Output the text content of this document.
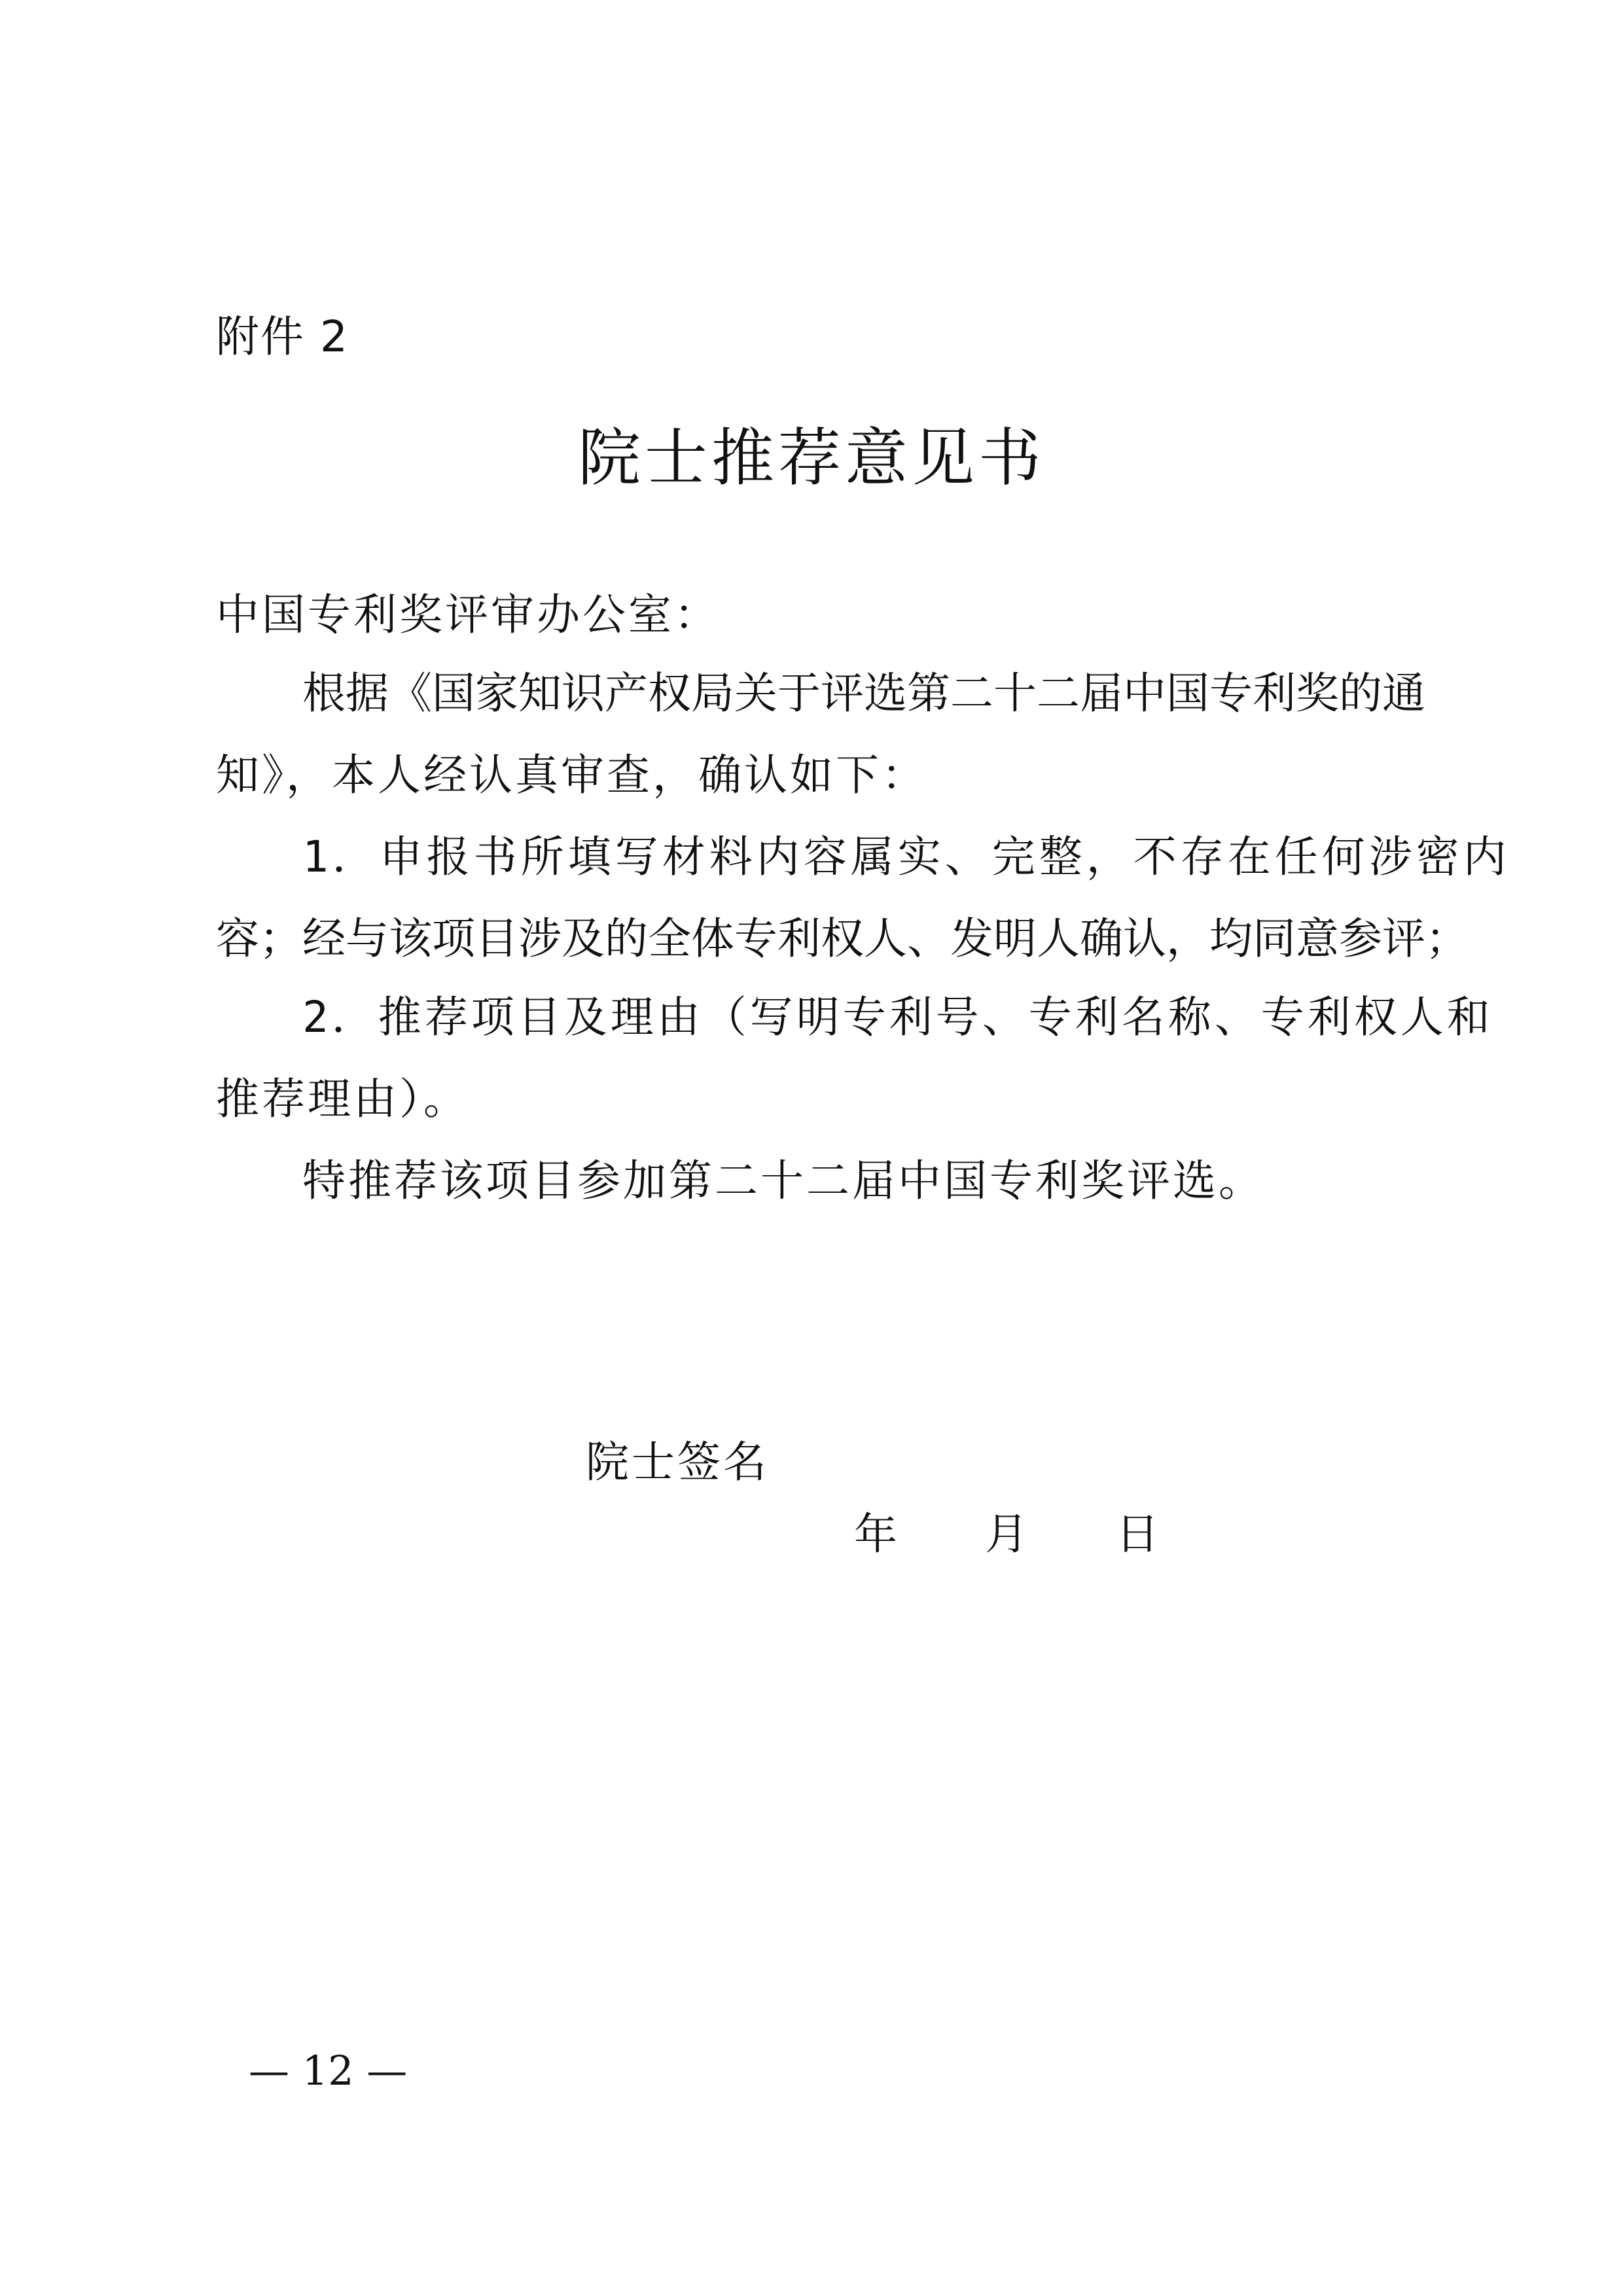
附件 2
院士推荐意见书
中国专利奖评审办公室：
根据《国家知识产权局关于评选第二十二届中国专利奖的通
知》，本人经认真审查，确认如下：
1．申报书所填写材料内容属实、完整，不存在任何涉密内
容；经与该项目涉及的全体专利权人、发明人确认，均同意参评；
2．推荐项目及理由（写明专利号、专利名称、专利权人和
推荐理由）。
特推荐该项目参加第二十二届中国专利奖评选。
院士签名
年 月 日
— 12 —
